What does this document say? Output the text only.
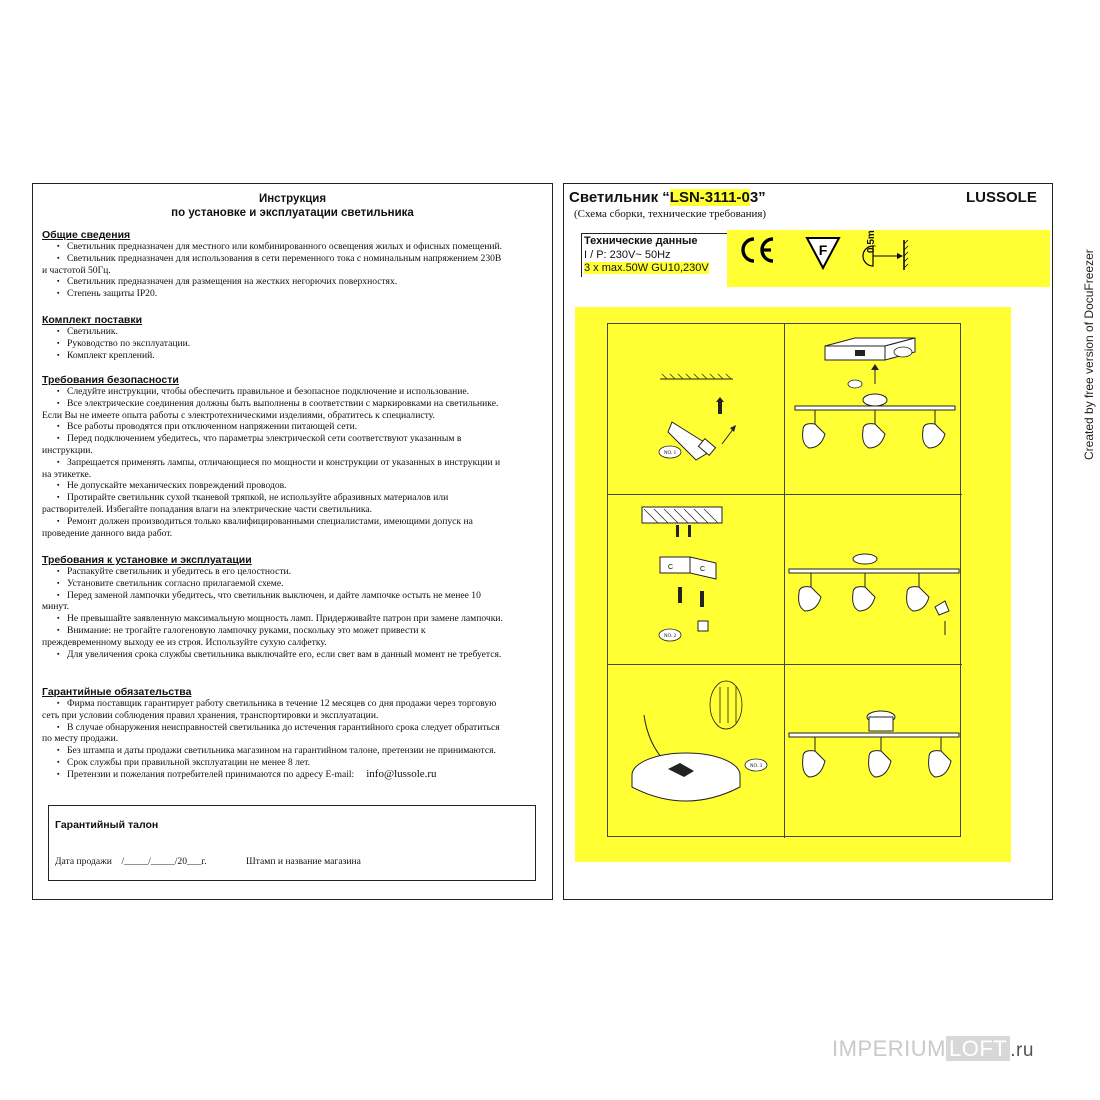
Инструкция
по установке и эксплуатации светильника
Общие сведения
▪ Светильник предназначен для местного или комбинированного освещения жилых и офисных помещений.
▪ Светильник предназначен для использования в сети переменного тока с номинальным напряжением 230В
и частотой 50Гц.
▪ Светильник предназначен для размещения на жестких негорючих поверхностях.
▪ Степень защиты IP20.
Комплект поставки
▪ Светильник.
▪ Руководство по эксплуатации.
▪ Комплект креплений.
Требования безопасности
▪ Следуйте инструкции, чтобы обеспечить правильное и безопасное подключение и использование.
▪ Все электрические соединения должны быть выполнены в соответствии с маркировками на светильнике.
Если Вы не имеете опыта работы с электротехническими изделиями, обратитесь к специалисту.
▪ Все работы проводятся при отключенном напряжении питающей сети.
▪ Перед подключением убедитесь, что параметры электрической сети соответствуют указанным в
инструкции.
▪ Запрещается применять лампы, отличающиеся по мощности и конструкции от указанных в инструкции и
на этикетке.
▪ Не допускайте механических повреждений проводов.
▪ Протирайте светильник сухой тканевой тряпкой, не используйте абразивных материалов или
растворителей. Избегайте попадания влаги на электрические части светильника.
▪ Ремонт должен производиться только квалифицированными специалистами, имеющими допуск на
проведение данного вида работ.
Требования к установке и эксплуатации
▪ Распакуйте светильник и убедитесь в его целостности.
▪ Установите светильник согласно прилагаемой схеме.
▪ Перед заменой лампочки убедитесь, что светильник выключен, и дайте лампочке остыть не менее 10
минут.
▪ Не превышайте заявленную максимальную мощность ламп. Придерживайте патрон при замене лампочки.
▪ Внимание: не трогайте галогеновую лампочку руками, поскольку это может привести к
преждевременному выходу ее из строя. Используйте сухую салфетку.
▪ Для увеличения срока службы светильника выключайте его, если свет вам в данный момент не требуется.
Гарантийные обязательства
▪ Фирма поставщик гарантирует работу светильника в течение 12 месяцев со дня продажи через торговую
сеть при условии соблюдения правил хранения, транспортировки и эксплуатации.
▪ В случае обнаружения неисправностей светильника до истечения гарантийного срока следует обратиться
по месту продажи.
▪ Без штампа и даты продажи светильника магазином на гарантийном талоне, претензии не принимаются.
▪ Срок службы при правильной эксплуатации не менее 8 лет.
▪ Претензии и пожелания потребителей принимаются по адресу E-mail: info@lussole.ru
Гарантийный талон
Дата продажи    /_____/_____/20___г.	Штамп и название магазина
Светильник “LSN-3111-03”	LUSSOLE
(Схема сборки, технические требования)
Технические данные
I / P: 230V~ 50Hz
3 x max.50W GU10,230V
F	0,5m
NO. 1
C	C
NO. 2
NO. 3
Created by free version of DocuFreezer
IMPERIUM LOFT .ru
